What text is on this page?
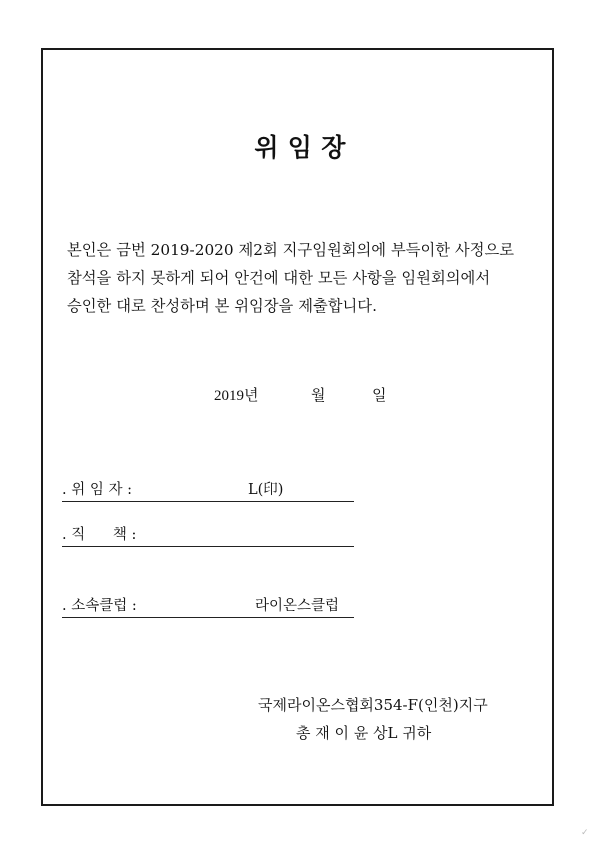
위 임 장
본인은 금번 2019-2020 제2회 지구임원회의에 부득이한 사정으로
참석을 하지 못하게 되어 안건에 대한 모든 사항을 임원회의에서
승인한 대로 찬성하며 본 위임장을 제출합니다.
2019년	월	일
. 위 임 자 :	L(印)
. 직      책 :
. 소속클럽 :	라이온스클럽
국제라이온스협회354-F(인천)지구
총 재 이 윤 상L 귀하
✓
